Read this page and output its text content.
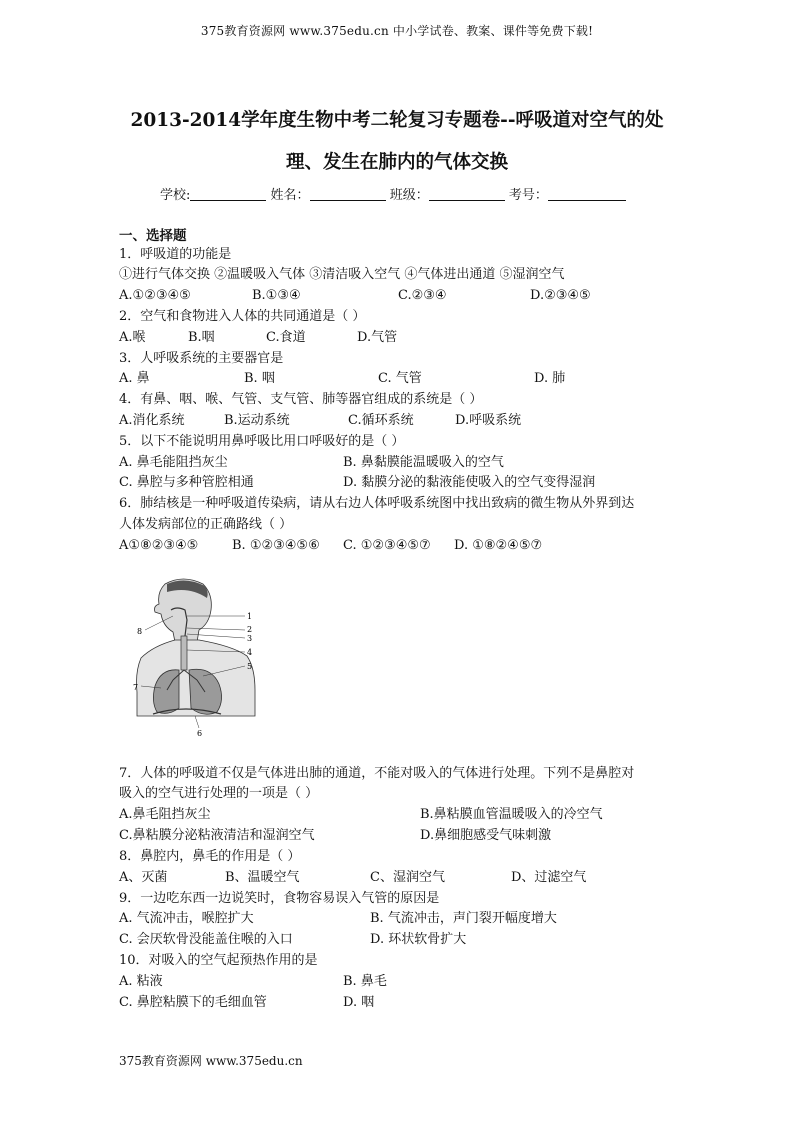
375教育资源网 www.375edu.cn 中小学试卷、教案、课件等免费下载!
2013-2014学年度生物中考二轮复习专题卷--呼吸道对空气的处
理、发生在肺内的气体交换
学校:	姓名：	班级：	考号：
一、选择题
1．呼吸道的功能是
①进行气体交换 ②温暖吸入气体 ③清洁吸入空气 ④气体进出通道 ⑤湿润空气
A.①②③④⑤	B.①③④	C.②③④	D.②③④⑤
2．空气和食物进入人体的共同通道是（ ）
A.喉	B.咽	C.食道	D.气管
3．人呼吸系统的主要器官是
A. 鼻	B. 咽	C. 气管	D. 肺
4．有鼻、咽、喉、气管、支气管、肺等器官组成的系统是（ ）
A.消化系统	B.运动系统	C.循环系统	D.呼吸系统
5．以下不能说明用鼻呼吸比用口呼吸好的是（ ）
A. 鼻毛能阻挡灰尘	B. 鼻黏膜能温暖吸入的空气
C. 鼻腔与多种管腔相通	D. 黏膜分泌的黏液能使吸入的空气变得湿润
6．肺结核是一种呼吸道传染病，请从右边人体呼吸系统图中找出致病的微生物从外界到达
人体发病部位的正确路线（ ）
A①⑧②③④⑤	B. ①②③④⑤⑥ C. ①②③④⑤⑦ D. ①⑧②④⑤⑦
1
2
3
4
5
6
7
8
7．人体的呼吸道不仅是气体进出肺的通道，不能对吸入的气体进行处理。下列不是鼻腔对
吸入的空气进行处理的一项是（ ）
A.鼻毛阻挡灰尘	B.鼻粘膜血管温暖吸入的冷空气
C.鼻粘膜分泌粘液清洁和湿润空气	D.鼻细胞感受气味刺激
8．鼻腔内，鼻毛的作用是（ ）
A、灭菌	B、温暖空气	C、湿润空气	D、过滤空气
9．一边吃东西一边说笑时，食物容易误入气管的原因是
A. 气流冲击，喉腔扩大	B. 气流冲击，声门裂开幅度增大
C. 会厌软骨没能盖住喉的入口	D. 环状软骨扩大
10．对吸入的空气起预热作用的是
A. 粘液	B. 鼻毛
C. 鼻腔粘膜下的毛细血管	D. 咽
375教育资源网 www.375edu.cn
